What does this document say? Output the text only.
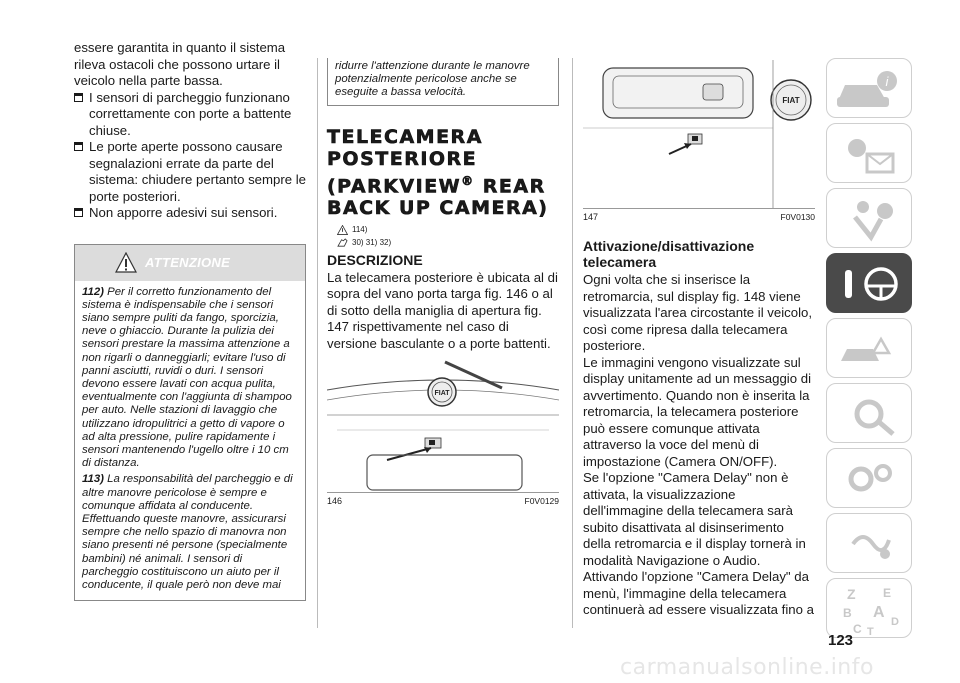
essere garantita in quanto il sistema rileva ostacoli che possono urtare il veicolo nella parte bassa.

I sensori di parcheggio funzionano correttamente con porte a battente chiuse.
Le porte aperte possono causare segnalazioni errate da parte del sistema: chiudere pertanto sempre le porte posteriori.
Non apporre adesivi sui sensori.
ATTENZIONE

112) Per il corretto funzionamento del sistema è indispensabile che i sensori siano sempre puliti da fango, sporcizia, neve o ghiaccio. Durante la pulizia dei sensori prestare la massima attenzione a non rigarli o danneggiarli; evitare l'uso di panni asciutti, ruvidi o duri. I sensori devono essere lavati con acqua pulita, eventualmente con l'aggiunta di shampoo per auto. Nelle stazioni di lavaggio che utilizzano idropulitrici a getto di vapore o ad alta pressione, pulire rapidamente i sensori mantenendo l'ugello oltre i 10 cm di distanza.

113) La responsabilità del parcheggio e di altre manovre pericolose è sempre e comunque affidata al conducente. Effettuando queste manovre, assicurarsi sempre che nello spazio di manovra non siano presenti né persone (specialmente bambini) né animali. I sensori di parcheggio costituiscono un aiuto per il conducente, il quale però non deve mai

ridurre l'attenzione durante le manovre potenzialmente pericolose anche se eseguite a bassa velocità.
TELECAMERA
POSTERIORE
(PARKVIEW® REAR
BACK UP CAMERA)
114)
30) 31) 32)
DESCRIZIONE

La telecamera posteriore è ubicata al di sopra del vano porta targa fig. 146 o al di sotto della maniglia di apertura fig. 147 rispettivamente nel caso di versione basculante o a porte battenti.

FIAT
146	F0V0129
FIAT
147	F0V0130
Attivazione/disattivazione telecamera

Ogni volta che si inserisce la retromarcia, sul display fig. 148 viene visualizzata l'area circostante il veicolo, così come ripresa dalla telecamera posteriore.

Le immagini vengono visualizzate sul display unitamente ad un messaggio di avvertimento. Quando non è inserita la retromarcia, la telecamera posteriore può essere comunque attivata attraverso la voce del menù di impostazione (Camera ON/OFF).

Se l'opzione "Camera Delay" non è attivata, la visualizzazione dell'immagine della telecamera sarà subito disattivata al disinserimento della retromarcia e il display tornerà in modalità Navigazione o Audio.

Attivando l'opzione "Camera Delay" da menù, l'immagine della telecamera continuerà ad essere visualizzata fino a

i
Z E
B A
C	D
T
123
carmanualsonline.info
